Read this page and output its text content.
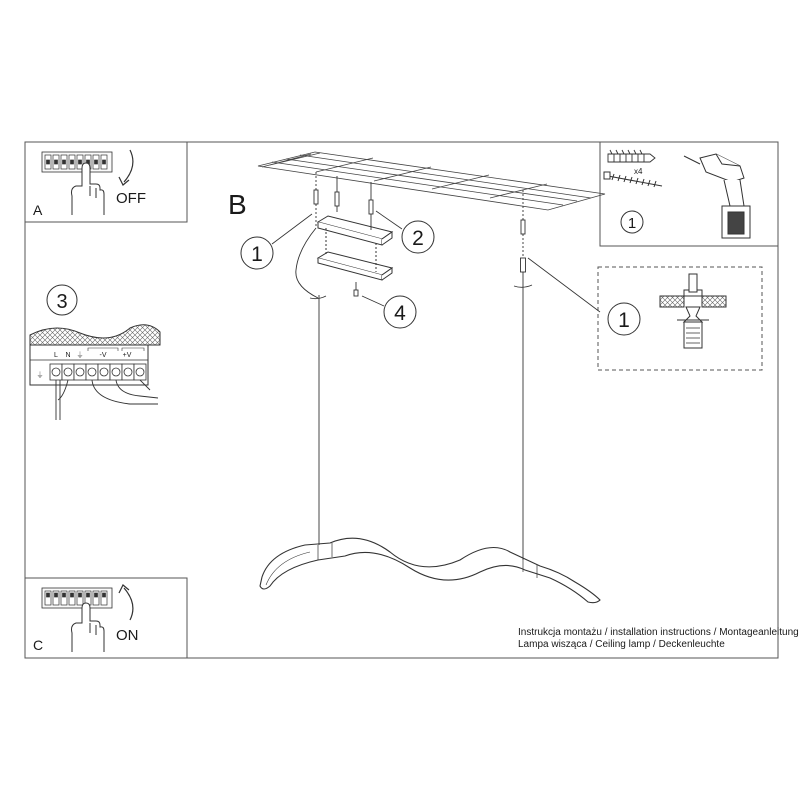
A
OFF
C
ON
3
L N ⏚ -V +V
⏚
x4
1
1
B
1
2
4
Instrukcja montażu / installation instructions / Montageanleitung
Lampa wisząca / Ceiling lamp / Deckenleuchte
